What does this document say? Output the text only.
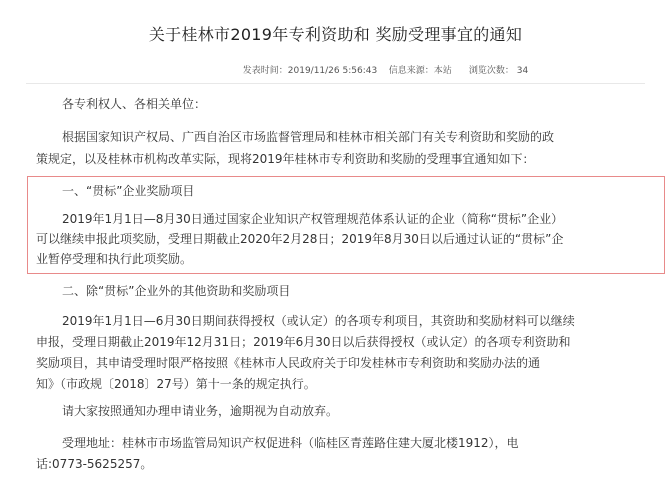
关于桂林市2019年专利资助和 奖励受理事宜的通知
发表时间：2019/11/26 5:56:43 信息来源：本站 浏览次数： 34
各专利权人、各相关单位：
根据国家知识产权局、广西自治区市场监督管理局和桂林市相关部门有关专利资助和奖励的政
策规定，以及桂林市机构改革实际，现将2019年桂林市专利资助和奖励的受理事宜通知如下：
一、“贯标”企业奖励项目
2019年1月1日—8月30日通过国家企业知识产权管理规范体系认证的企业（简称“贯标”企业）
可以继续申报此项奖励，受理日期截止2020年2月28日；2019年8月30日以后通过认证的“贯标”企
业暂停受理和执行此项奖励。
二、除“贯标”企业外的其他资助和奖励项目
2019年1月1日—6月30日期间获得授权（或认定）的各项专利项目，其资助和奖励材料可以继续
申报，受理日期截止2019年12月31日；2019年6月30日以后获得授权（或认定）的各项专利资助和
奖励项目，其申请受理时限严格按照《桂林市人民政府关于印发桂林市专利资助和奖励办法的通
知》（市政规〔2018〕27号）第十一条的规定执行。
请大家按照通知办理申请业务，逾期视为自动放弃。
受理地址：桂林市市场监管局知识产权促进科（临桂区青莲路住建大厦北楼1912），电
话:0773-5625257。
